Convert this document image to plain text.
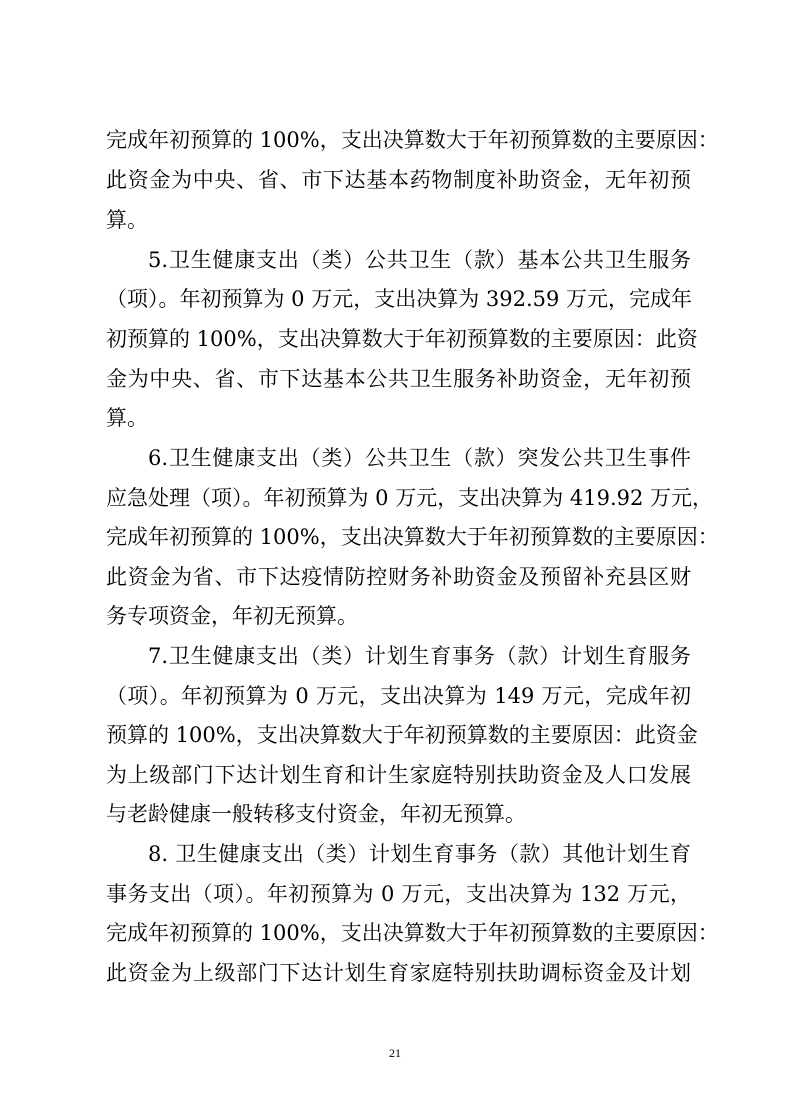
完成年初预算的 100%，支出决算数大于年初预算数的主要原因：
此资金为中央、省、市下达基本药物制度补助资金，无年初预
算。
5.卫生健康支出（类）公共卫生（款）基本公共卫生服务
（项）。年初预算为 0 万元，支出决算为 392.59 万元，完成年
初预算的 100%，支出决算数大于年初预算数的主要原因：此资
金为中央、省、市下达基本公共卫生服务补助资金，无年初预
算。
6.卫生健康支出（类）公共卫生（款）突发公共卫生事件
应急处理（项）。年初预算为 0 万元，支出决算为 419.92 万元，
完成年初预算的 100%，支出决算数大于年初预算数的主要原因：
此资金为省、市下达疫情防控财务补助资金及预留补充县区财
务专项资金，年初无预算。
7.卫生健康支出（类）计划生育事务（款）计划生育服务
（项）。年初预算为 0 万元，支出决算为 149 万元，完成年初
预算的 100%，支出决算数大于年初预算数的主要原因：此资金
为上级部门下达计划生育和计生家庭特别扶助资金及人口发展
与老龄健康一般转移支付资金，年初无预算。
8. 卫生健康支出（类）计划生育事务（款）其他计划生育
事务支出（项）。年初预算为 0 万元，支出决算为 132 万元，
完成年初预算的 100%，支出决算数大于年初预算数的主要原因：
此资金为上级部门下达计划生育家庭特别扶助调标资金及计划
21
